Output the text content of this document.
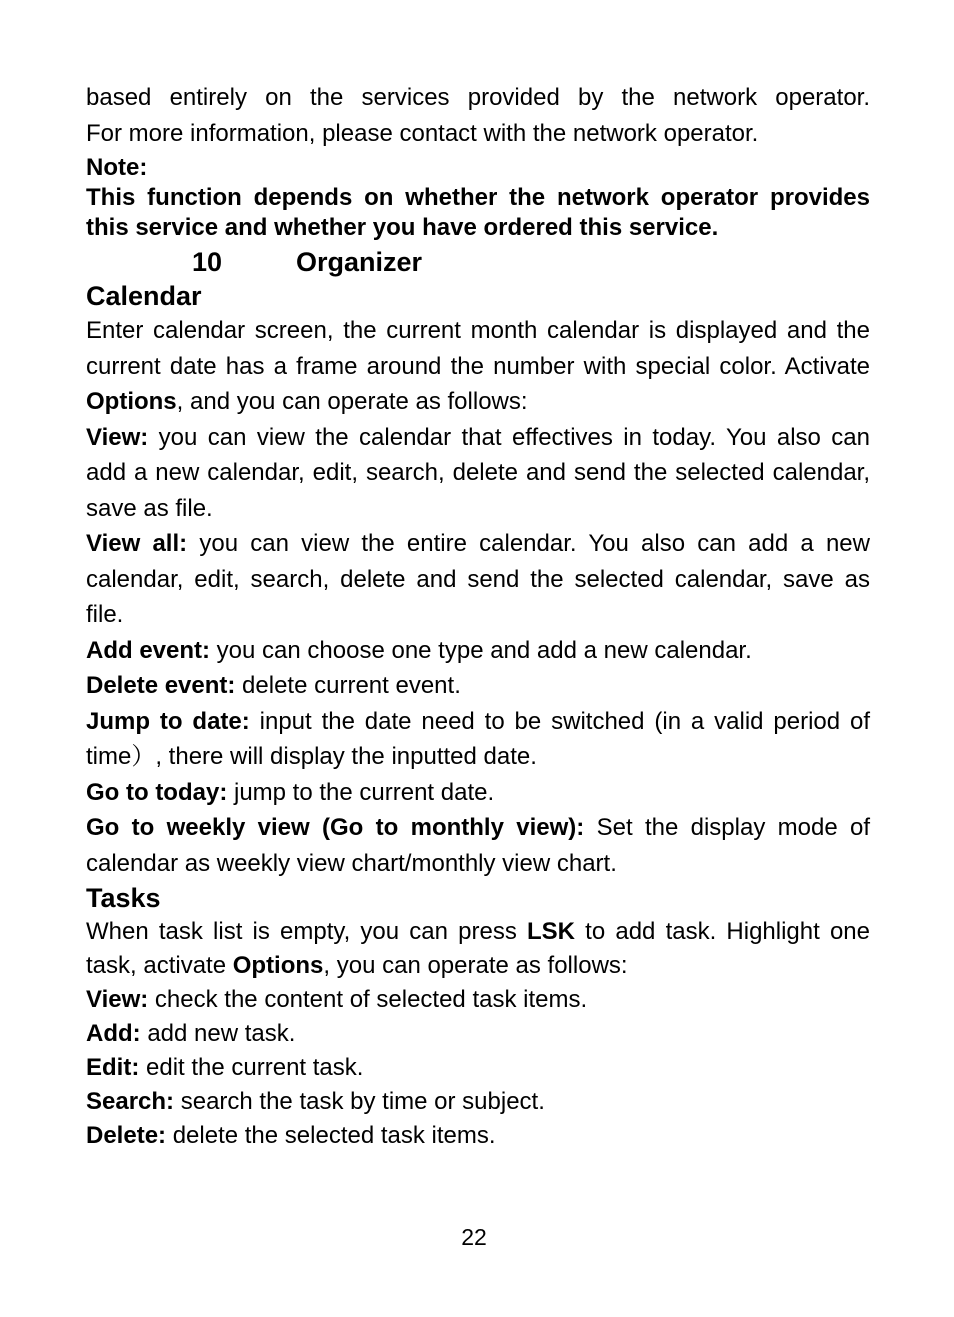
based entirely on the services provided by the network operator.

For more information, please contact with the network operator.

Note:

This function depends on whether the network operator provides this service and whether you have ordered this service.

10	Organizer
Calendar

Enter calendar screen, the current month calendar is displayed and the current date has a frame around the number with special color. Activate Options, and you can operate as follows:

View: you can view the calendar that effectives in today. You also can add a new calendar, edit, search, delete and send the selected calendar, save as file.

View all: you can view the entire calendar. You also can add a new calendar, edit, search, delete and send the selected calendar, save as file.

Add event: you can choose one type and add a new calendar.

Delete event: delete current event.

Jump to date: input the date need to be switched (in a valid period of time）, there will display the inputted date.

Go to today: jump to the current date.

Go to weekly view (Go to monthly view): Set the display mode of calendar as weekly view chart/monthly view chart.

Tasks

When task list is empty, you can press LSK to add task. Highlight one task, activate Options, you can operate as follows:

View: check the content of selected task items.

Add: add new task.

Edit: edit the current task.

Search: search the task by time or subject.

Delete: delete the selected task items.

22
